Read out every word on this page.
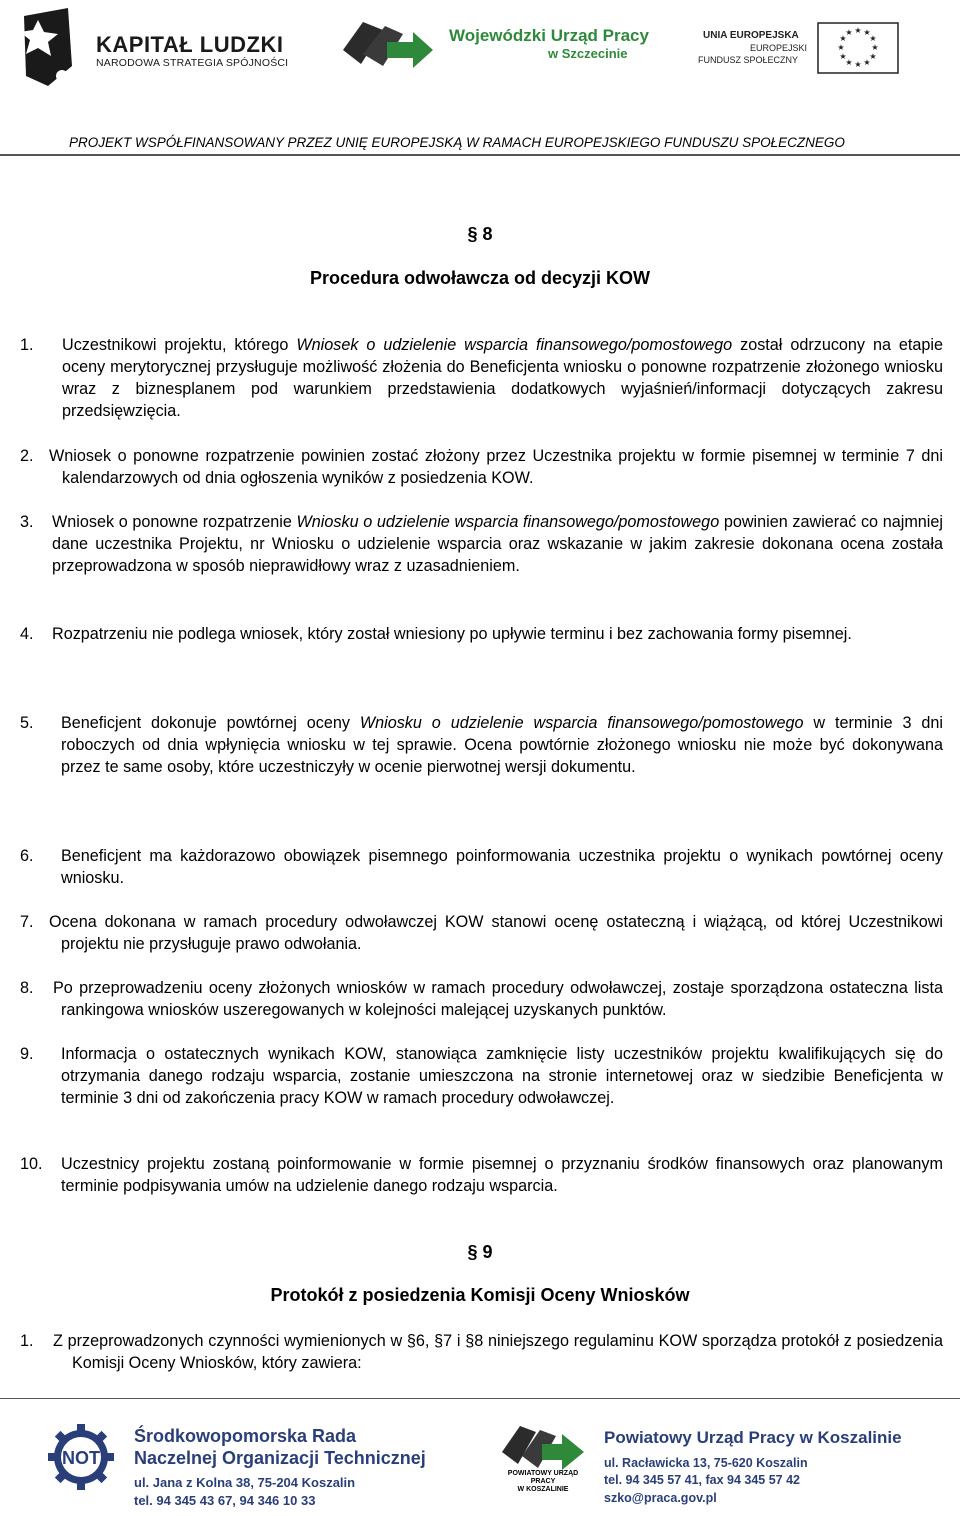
KAPITAŁ LUDZKI
NARODOWA STRATEGIA SPÓJNOŚCI
Wojewódzki Urząd Pracy
w Szczecinie
UNIA EUROPEJSKA
EUROPEJSKI
FUNDUSZ SPOŁECZNY
★ ★
★
★
★
★
★
★
★
★
★
★
PROJEKT WSPÓŁFINANSOWANY PRZEZ UNIĘ EUROPEJSKĄ W RAMACH EUROPEJSKIEGO FUNDUSZU SPOŁECZNEGO
§ 8
Procedura odwoławcza od decyzji KOW
1. Uczestnikowi projektu, którego Wniosek o udzielenie wsparcia finansowego/pomostowego został odrzucony na etapie oceny merytorycznej przysługuje możliwość złożenia do Beneficjenta wniosku o ponowne rozpatrzenie złożonego wniosku wraz z biznesplanem pod warunkiem przedstawienia dodatkowych wyjaśnień/informacji dotyczących zakresu przedsięwzięcia.
2. Wniosek o ponowne rozpatrzenie powinien zostać złożony przez Uczestnika projektu w formie pisemnej w terminie 7 dni kalendarzowych od dnia ogłoszenia wyników z posiedzenia KOW.
3. Wniosek o ponowne rozpatrzenie Wniosku o udzielenie wsparcia finansowego/pomostowego powinien zawierać co najmniej dane uczestnika Projektu, nr Wniosku o udzielenie wsparcia oraz wskazanie w jakim zakresie dokonana ocena została przeprowadzona w sposób nieprawidłowy wraz z uzasadnieniem.
4. Rozpatrzeniu nie podlega wniosek, który został wniesiony po upływie terminu i bez zachowania formy pisemnej.
5. Beneficjent dokonuje powtórnej oceny Wniosku o udzielenie wsparcia finansowego/pomostowego w terminie 3 dni roboczych od dnia wpłynięcia wniosku w tej sprawie. Ocena powtórnie złożonego wniosku nie może być dokonywana przez te same osoby, które uczestniczyły w ocenie pierwotnej wersji dokumentu.
6. Beneficjent ma każdorazowo obowiązek pisemnego poinformowania uczestnika projektu o wynikach powtórnej oceny wniosku.
7. Ocena dokonana w ramach procedury odwoławczej KOW stanowi ocenę ostateczną i wiążącą, od której Uczestnikowi projektu nie przysługuje prawo odwołania.
8. Po przeprowadzeniu oceny złożonych wniosków w ramach procedury odwoławczej, zostaje sporządzona ostateczna lista rankingowa wniosków uszeregowanych w kolejności malejącej uzyskanych punktów.
9. Informacja o ostatecznych wynikach KOW, stanowiąca zamknięcie listy uczestników projektu kwalifikujących się do otrzymania danego rodzaju wsparcia, zostanie umieszczona na stronie internetowej oraz w siedzibie Beneficjenta w terminie 3 dni od zakończenia pracy KOW w ramach procedury odwoławczej.
10. Uczestnicy projektu zostaną poinformowanie w formie pisemnej o przyznaniu środków finansowych oraz planowanym terminie podpisywania umów na udzielenie danego rodzaju wsparcia.
§ 9
Protokół z posiedzenia Komisji Oceny Wniosków
1. Z przeprowadzonych czynności wymienionych w §6, §7 i §8 niniejszego regulaminu KOW sporządza protokół z posiedzenia Komisji Oceny Wniosków, który zawiera:
NOT
Środkowopomorska Rada
Naczelnej Organizacji Technicznej
ul. Jana z Kolna 38, 75-204 Koszalin
tel. 94 345 43 67, 94 346 10 33
POWIATOWY URZĄD
PRACY
W KOSZALINIE
Powiatowy Urząd Pracy w Koszalinie
ul. Racławicka 13, 75-620 Koszalin
tel. 94 345 57 41, fax 94 345 57 42
szko@praca.gov.pl
